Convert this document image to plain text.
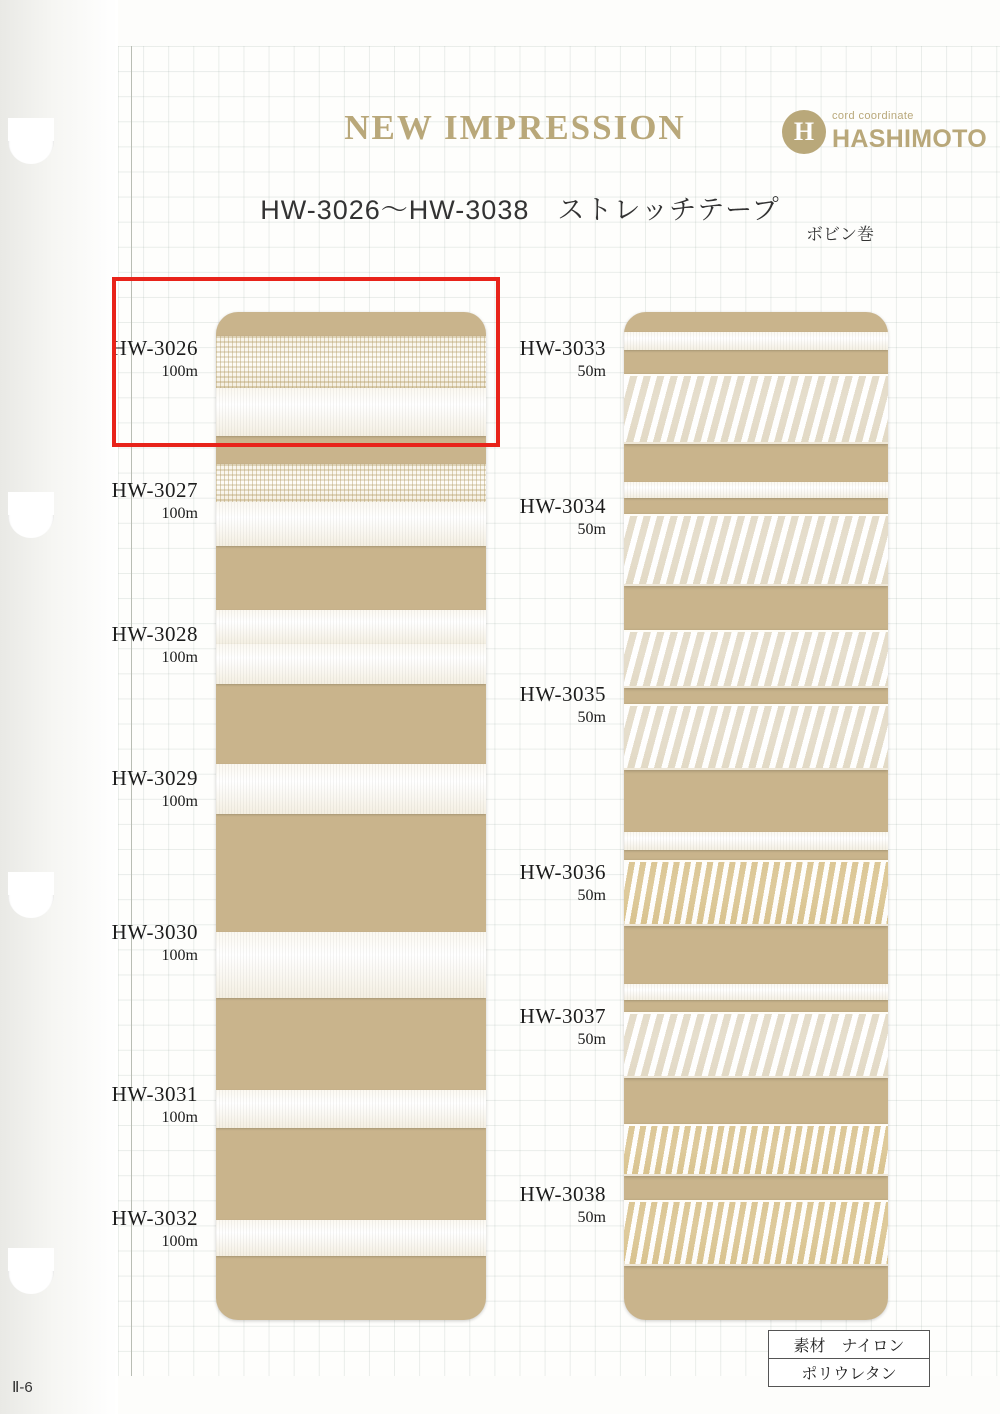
NEW IMPRESSION	H
cord coordinate
HASHIMOTO
HW-3026〜HW-3038　ストレッチテープ
ボビン巻
HW-3026
100m
HW-3027
100m
HW-3028
100m
HW-3029
100m
HW-3030
100m
HW-3031
100m
HW-3032
100m
HW-3033
50m
HW-3034
50m
HW-3035
50m
HW-3036
50m
HW-3037
50m
HW-3038
50m
素材　ナイロン
ポリウレタン
Ⅱ-6
